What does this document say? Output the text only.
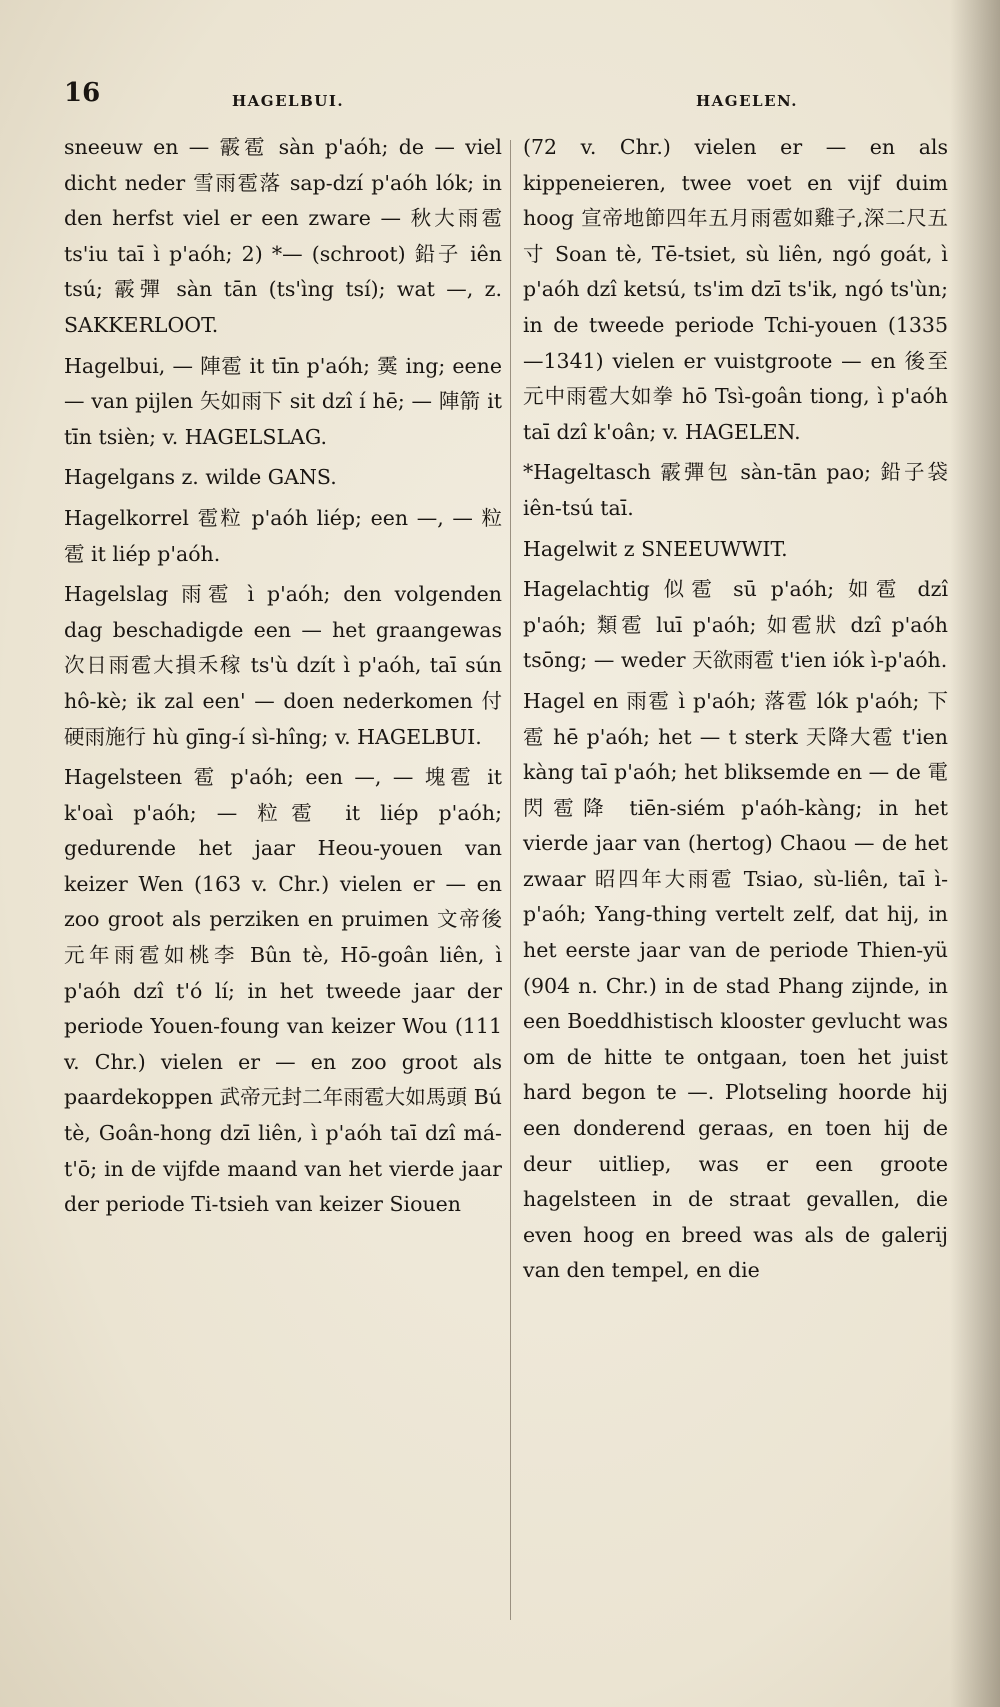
16	HAGELBUI.	HAGELEN.

sneeuw en — 霰雹 sàn p'aóh; de — viel dicht neder 雪雨雹落 sap-dzí p'aóh lók; in den herfst viel er een zware — 秋大雨雹 ts'iu taī ì p'aóh; 2) *— (schroot) 鉛子 iên tsú; 霰彈 sàn tān (ts'ìng tsí); wat —, z. SAKKERLOOT.

Hagelbui, — 陣雹 it tīn p'aóh; 霙 ing; eene — van pijlen 矢如雨下 sit dzî í hē; — 陣箭 it tīn tsièn; v. HAGELSLAG.

Hagelgans z. wilde GANS.

Hagelkorrel 雹粒 p'aóh liép; een —, — 粒雹 it liép p'aóh.

Hagelslag 雨雹 ì p'aóh; den volgenden dag beschadigde een — het graangewas 次日雨雹大損禾稼 ts'ù dzít ì p'aóh, taī sún hô-kè; ik zal een' — doen nederkomen 付硬雨施行 hù gīng-í sì-hîng; v. HAGELBUI.

Hagelsteen 雹 p'aóh; een —, — 塊雹 it k'oaì p'aóh; — 粒雹 it liép p'aóh; gedurende het jaar Heou-youen van keizer Wen (163 v. Chr.) vielen er — en zoo groot als perziken en pruimen 文帝後元年雨雹如桃李 Bûn tè, Hō-goân liên, ì p'aóh dzî t'ó lí; in het tweede jaar der periode Youen-foung van keizer Wou (111 v. Chr.) vielen er — en zoo groot als paardekoppen 武帝元封二年雨雹大如馬頭 Bú tè, Goân-hong dzī liên, ì p'aóh taī dzî má-t'ō; in de vijfde maand van het vierde jaar der periode Ti-tsieh van keizer Siouen

(72 v. Chr.) vielen er — en als kippeneieren, twee voet en vijf duim hoog 宣帝地節四年五月雨雹如雞子,深二尺五寸 Soan tè, Tē-tsiet, sù liên, ngó goát, ì p'aóh dzî ketsú, ts'im dzī ts'ik, ngó ts'ùn; in de tweede periode Tchi-youen (1335—1341) vielen er vuistgroote — en 後至元中雨雹大如拳 hō Tsì-goân tiong, ì p'aóh taī dzî k'oân; v. HAGELEN.

*Hageltasch 霰彈包 sàn-tān pao; 鉛子袋 iên-tsú taī.

Hagelwit z SNEEUWWIT.

Hagelachtig 似雹 sū p'aóh; 如雹 dzî p'aóh; 類雹 luī p'aóh; 如雹狀 dzî p'aóh tsōng; — weder 天欲雨雹 t'ien iók ì-p'aóh.

Hagel en 雨雹 ì p'aóh; 落雹 lók p'aóh; 下雹 hē p'aóh; het — t sterk 天降大雹 t'ien kàng taī p'aóh; het bliksemde en — de 電閃雹降 tiēn-siém p'aóh-kàng; in het vierde jaar van (hertog) Chaou — de het zwaar 昭四年大雨雹 Tsiao, sù-liên, taī ì-p'aóh; Yang-thing vertelt zelf, dat hij, in het eerste jaar van de periode Thien-yü (904 n. Chr.) in de stad Phang zijnde, in een Boeddhistisch klooster gevlucht was om de hitte te ontgaan, toen het juist hard begon te —. Plotseling hoorde hij een donderend geraas, en toen hij de deur uitliep, was er een groote hagelsteen in de straat gevallen, die even hoog en breed was als de galerij van den tempel, en die
